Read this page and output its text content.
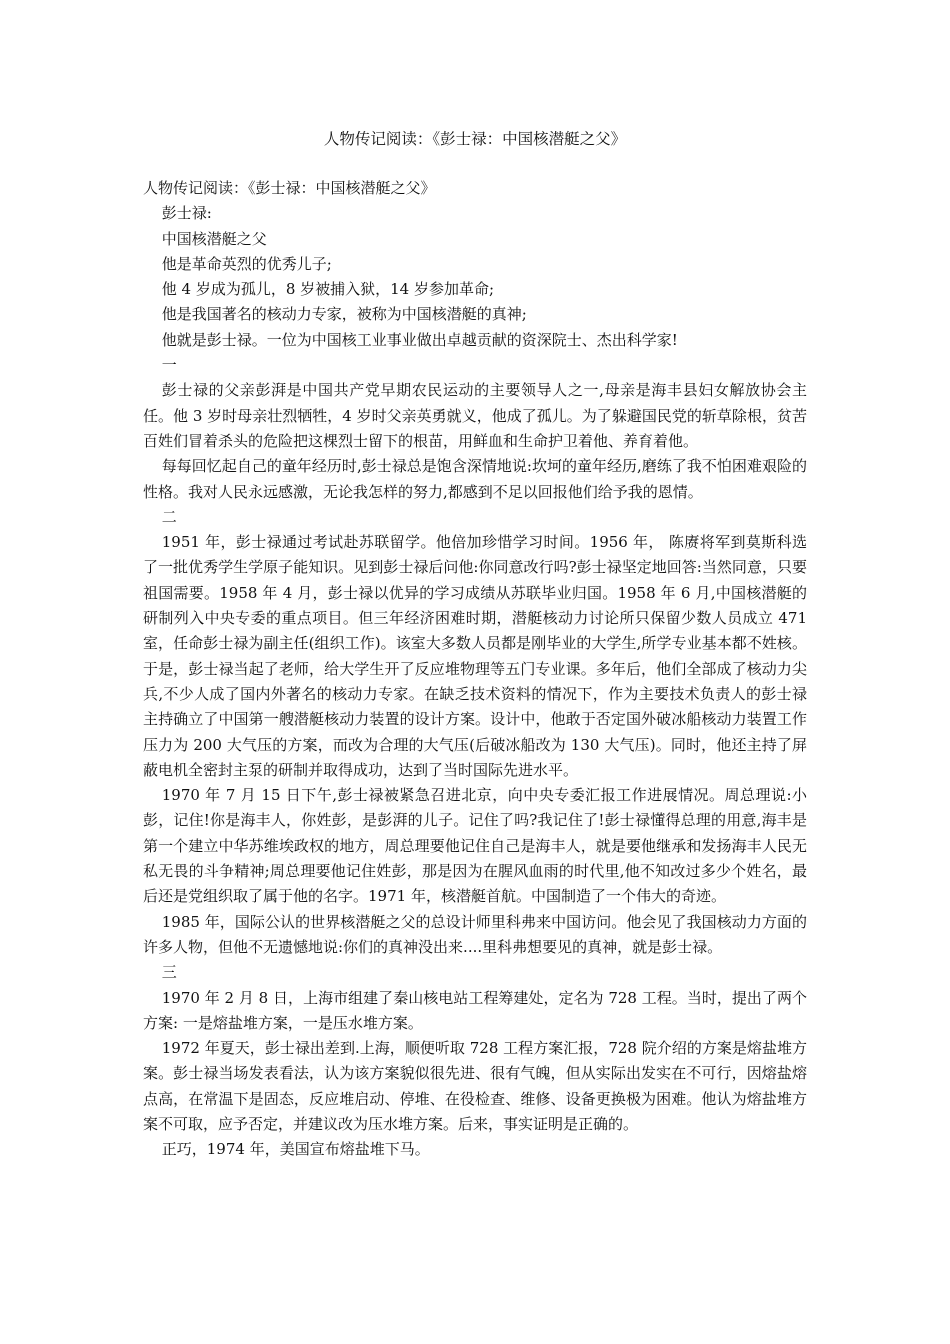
人物传记阅读：《彭士禄：中国核潜艇之父》

人物传记阅读：《彭士禄：中国核潜艇之父》

彭士禄:

中国核潜艇之父

他是革命英烈的优秀儿子;

他 4 岁成为孤儿，8 岁被捕入狱，14 岁参加革命;

他是我国著名的核动力专家，被称为中国核潜艇的真神;

他就是彭士禄。一位为中国核工业事业做出卓越贡献的资深院士、杰出科学家!

一

彭士禄的父亲彭湃是中国共产党早期农民运动的主要领导人之一,母亲是海丰县妇女解放协会主任。他 3 岁时母亲壮烈牺牲，4 岁时父亲英勇就义，他成了孤儿。为了躲避国民党的斩草除根，贫苦百姓们冒着杀头的危险把这棵烈士留下的根苗，用鲜血和生命护卫着他、养育着他。

每每回忆起自己的童年经历时,彭士禄总是饱含深情地说:坎坷的童年经历,磨练了我不怕困难艰险的性格。我对人民永远感激，无论我怎样的努力,都感到不足以回报他们给予我的恩情。

二

1951 年，彭士禄通过考试赴苏联留学。他倍加珍惜学习时间。1956 年， 陈赓将军到莫斯科选了一批优秀学生学原子能知识。见到彭士禄后问他:你同意改行吗?彭士禄坚定地回答:当然同意，只要祖国需要。1958 年 4 月，彭士禄以优异的学习成绩从苏联毕业归国。1958 年 6 月,中国核潜艇的研制列入中央专委的重点项目。但三年经济困难时期，潜艇核动力讨论所只保留少数人员成立 471 室，任命彭士禄为副主任(组织工作)。该室大多数人员都是刚毕业的大学生,所学专业基本都不姓核。于是，彭士禄当起了老师，给大学生开了反应堆物理等五门专业课。多年后，他们全部成了核动力尖兵,不少人成了国内外著名的核动力专家。在缺乏技术资料的情况下，作为主要技术负责人的彭士禄主持确立了中国第一艘潜艇核动力装置的设计方案。设计中，他敢于否定国外破冰船核动力装置工作压力为 200 大气压的方案，而改为合理的大气压(后破冰船改为 130 大气压)。同时，他还主持了屏蔽电机全密封主泵的研制并取得成功，达到了当时国际先进水平。

1970 年 7 月 15 日下午,彭士禄被紧急召进北京，向中央专委汇报工作进展情况。周总理说:小彭，记住!你是海丰人，你姓彭，是彭湃的儿子。记住了吗?我记住了!彭士禄懂得总理的用意,海丰是第一个建立中华苏维埃政权的地方，周总理要他记住自己是海丰人，就是要他继承和发扬海丰人民无私无畏的斗争精神;周总理要他记住姓彭，那是因为在腥风血雨的时代里,他不知改过多少个姓名，最后还是党组织取了属于他的名字。1971 年，核潜艇首航。中国制造了一个伟大的奇迹。

1985 年，国际公认的世界核潜艇之父的总设计师里科弗来中国访问。他会见了我国核动力方面的许多人物，但他不无遗憾地说:你们的真神没出来....里科弗想要见的真神，就是彭士禄。

三

1970 年 2 月 8 日，上海市组建了秦山核电站工程筹建处，定名为 728 工程。当时，提出了两个方案: 一是熔盐堆方案，一是压水堆方案。

1972 年夏天，彭士禄出差到.上海，顺便听取 728 工程方案汇报，728 院介绍的方案是熔盐堆方案。彭士禄当场发表看法，认为该方案貌似很先进、很有气魄，但从实际出发实在不可行，因熔盐熔点高，在常温下是固态，反应堆启动、停堆、在役检查、维修、设备更换极为困难。他认为熔盐堆方案不可取，应予否定，并建议改为压水堆方案。后来，事实证明是正确的。

正巧，1974 年，美国宣布熔盐堆下马。
